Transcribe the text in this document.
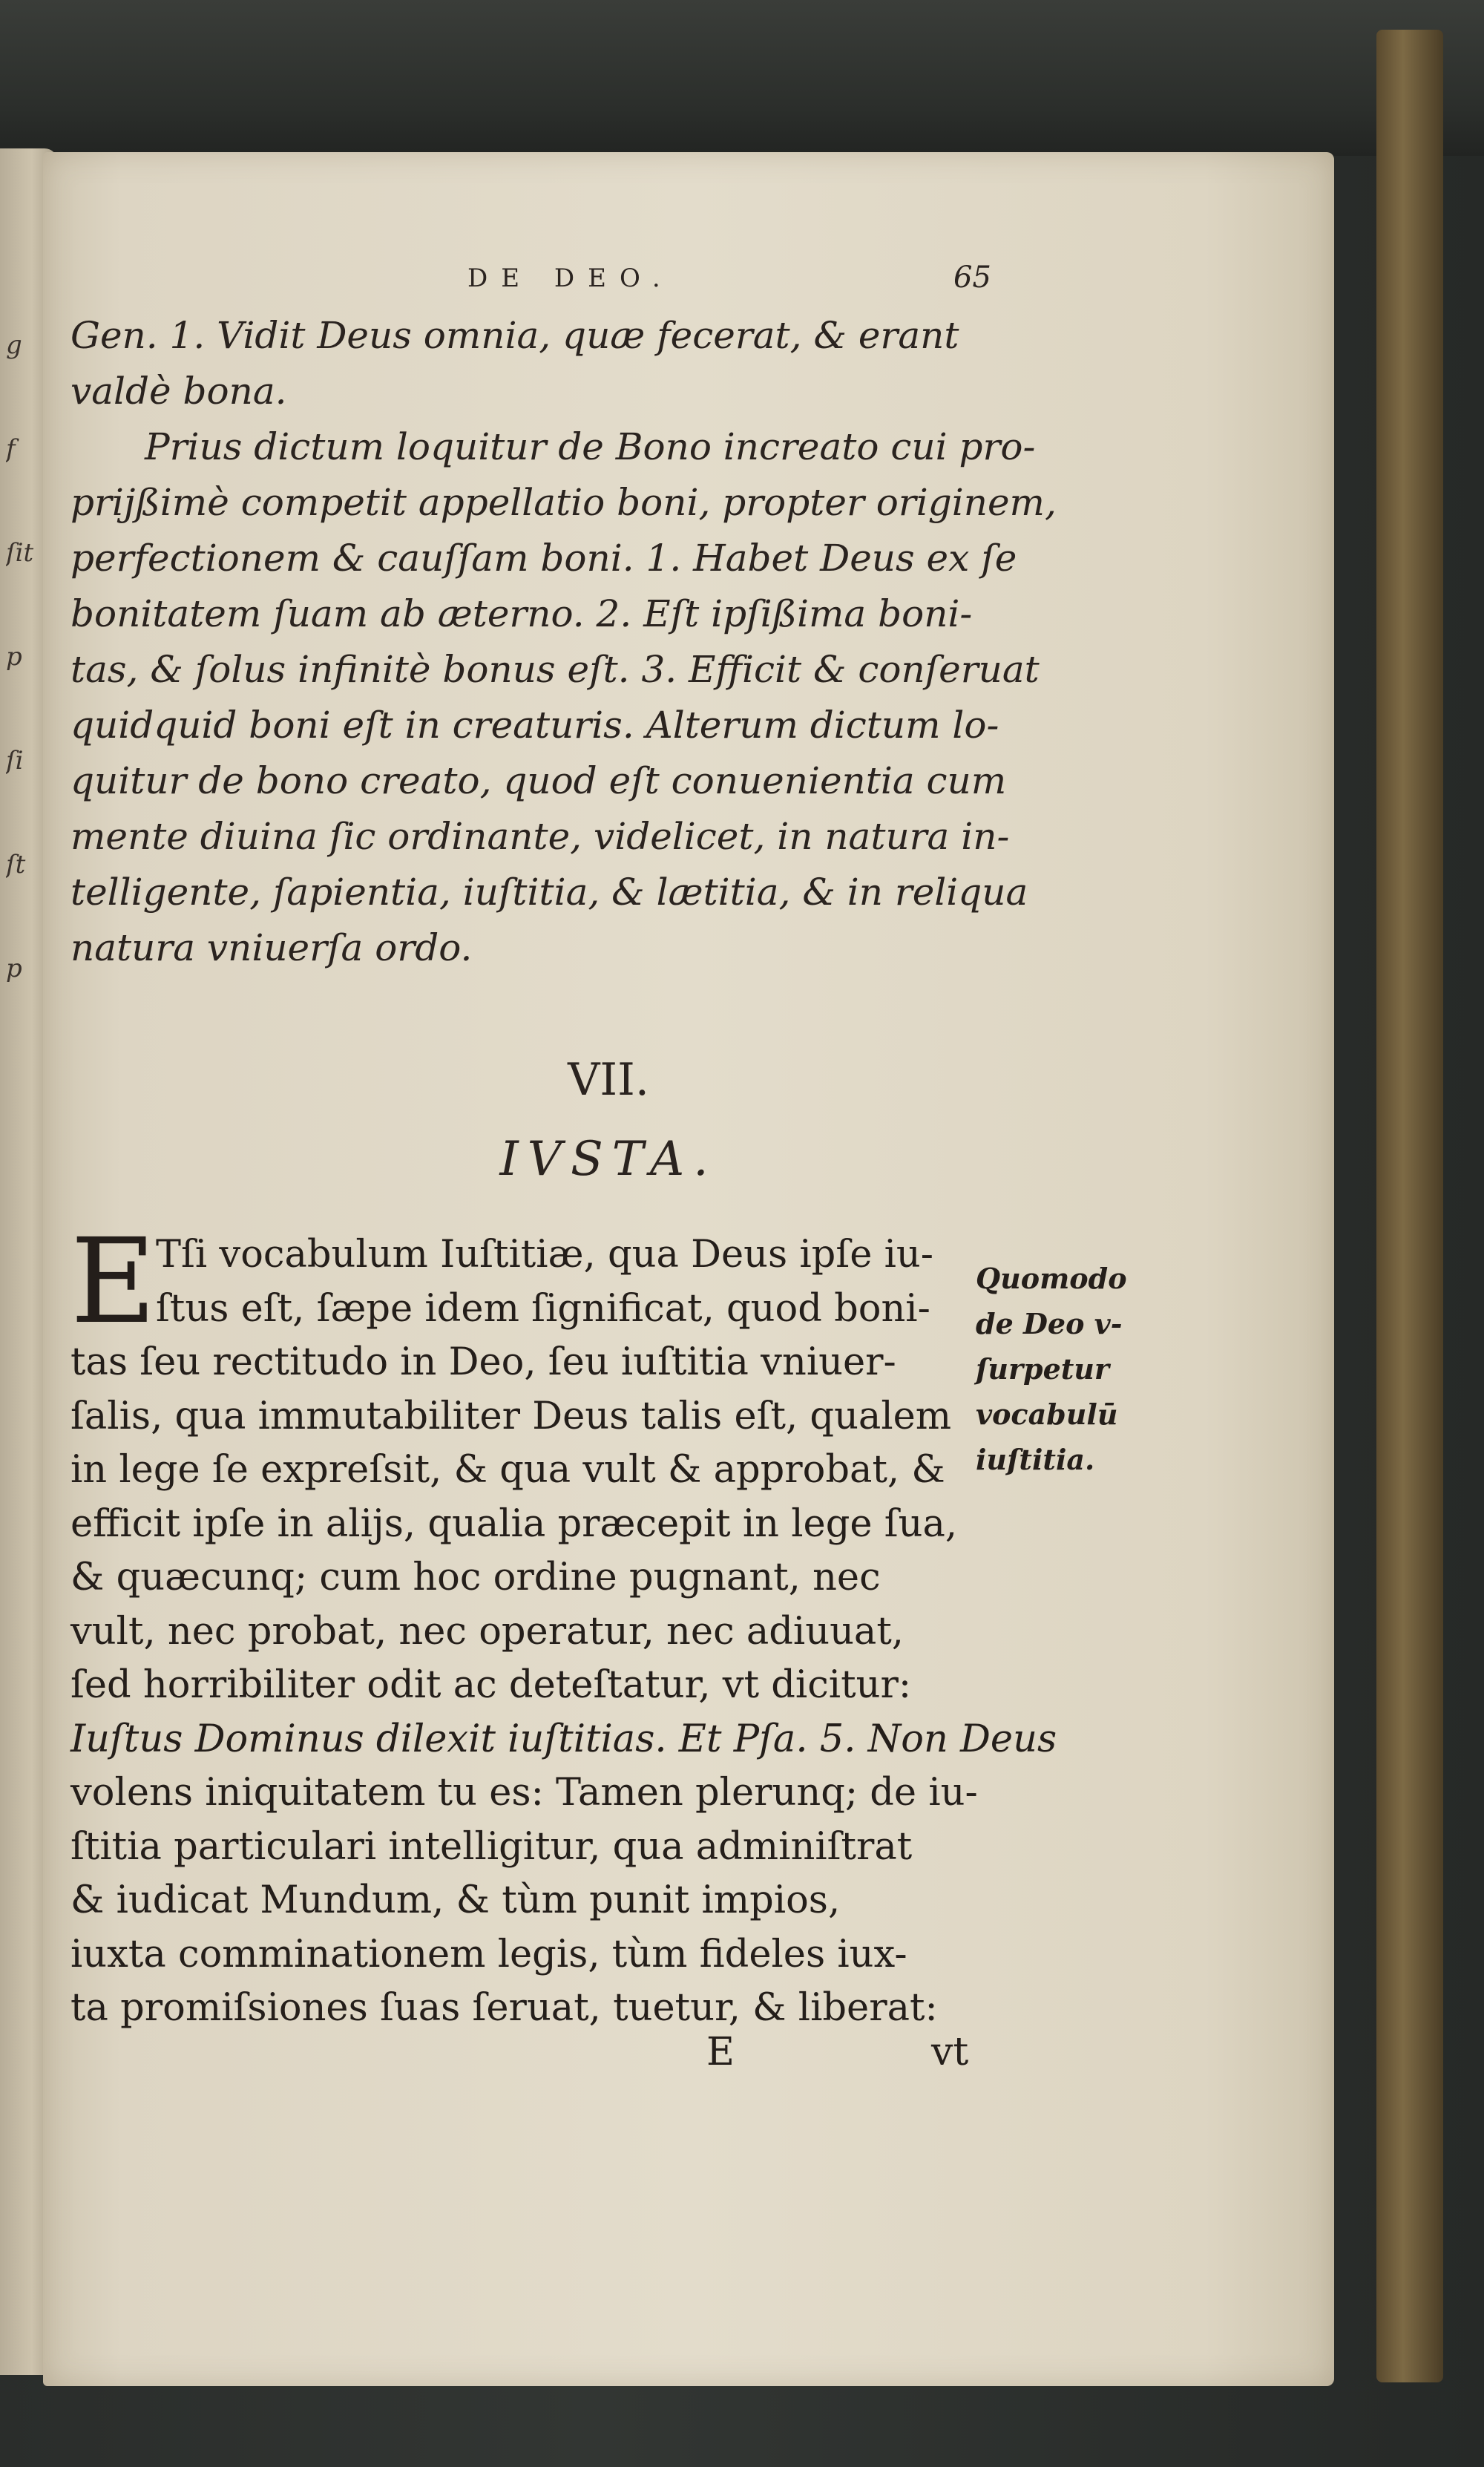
g
f
ſit
p
ſi
ſt
p
DE DEO.	65
Gen. 1. Vidit Deus omnia, quæ fecerat, & erant
valdè bona.
Prius dictum loquitur de Bono increato cui pro-
prijßimè competit appellatio boni, propter originem,
perfectionem & cauſſam boni. 1. Habet Deus ex ſe
bonitatem ſuam ab æterno. 2. Eſt ipſißima boni-
tas, & ſolus infinitè bonus eſt. 3. Efficit & conſeruat
quidquid boni eſt in creaturis. Alterum dictum lo-
quitur de bono creato, quod eſt conuenientia cum
mente diuina ſic ordinante, videlicet, in natura in-
telligente, ſapientia, iuſtitia, & lætitia, & in reliqua
natura vniuerſa ordo.
VII.
IVSTA.
E Tſi vocabulum Iuſtitiæ, qua Deus ipſe iu-
ſtus eſt, ſæpe idem ſignificat, quod boni-
tas ſeu rectitudo in Deo, ſeu iuſtitia vniuer-
ſalis, qua immutabiliter Deus talis eſt, qualem
in lege ſe expreſsit, & qua vult & approbat, &
efficit ipſe in alijs, qualia præcepit in lege ſua,
& quæcunq; cum hoc ordine pugnant, nec
vult, nec probat, nec operatur, nec adiuuat,
ſed horribiliter odit ac deteſtatur, vt dicitur:
Iuſtus Dominus dilexit iuſtitias. Et Pſa. 5. Non Deus
volens iniquitatem tu es: Tamen plerunq; de iu-
ſtitia particulari intelligitur, qua adminiſtrat
& iudicat Mundum, & tùm punit impios,
iuxta comminationem legis, tùm fideles iux-
ta promiſsiones ſuas ſeruat, tuetur, & liberat:
Quomodo
de Deo v-
ſurpetur
vocabulū
iuſtitia.
E	vt
